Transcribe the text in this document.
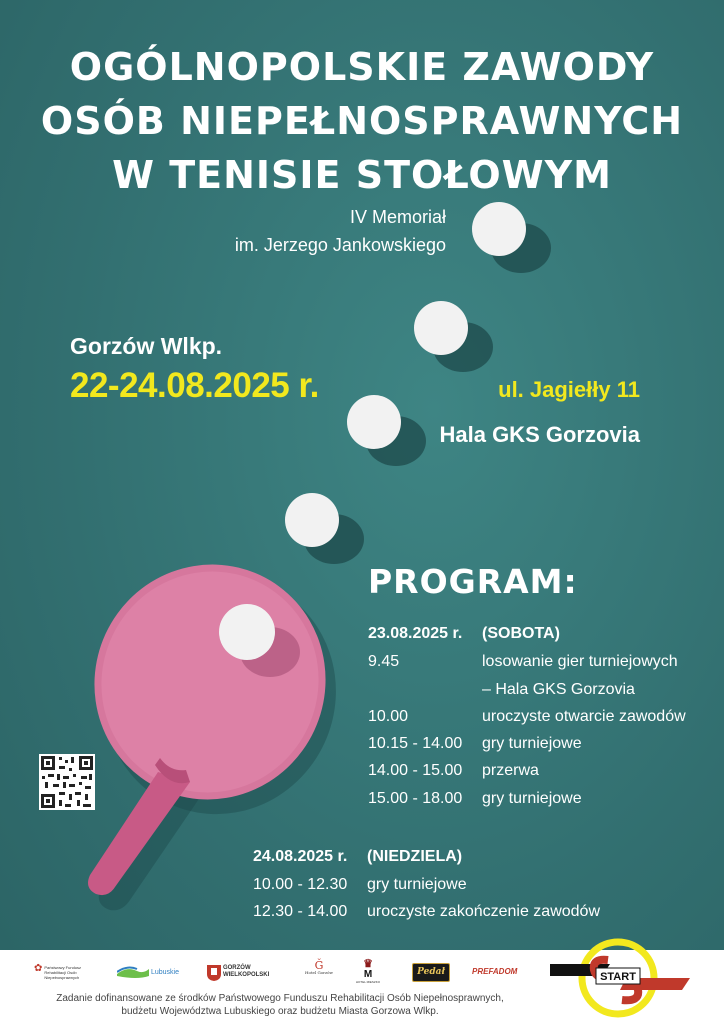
OGÓLNOPOLSKIE ZAWODY
OSÓB NIEPEŁNOSPRAWNYCH
W TENISIE STOŁOWYM
IV Memoriał
im. Jerzego Jankowskiego
Gorzów Wlkp.
22-24.08.2025 r.	ul. Jagiełły 11
Hala GKS Gorzovia
PROGRAM:
23.08.2025 r. (SOBOTA)
9.45	losowanie gier turniejowych
– Hala GKS Gorzovia
10.00	uroczyste otwarcie zawodów
10.15 - 14.00 gry turniejowe
14.00 - 15.00 przerwa
15.00 - 18.00 gry turniejowe
24.08.2025 r. (NIEDZIELA)
10.00 - 12.30 gry turniejowe
12.30 - 14.00 uroczyste zakończenie zawodów
✿ Państwowy Fundusz Rehabilitacji Osób Niepełnosprawnych
Lubuskie
GORZÓW
WIELKOPOLSKI
Ǧ
Hotel Gorzów
♛
M
HOTEL MIESZKO
Pedał	PREFADOM	START
Zadanie dofinansowane ze środków Państwowego Funduszu Rehabilitacji Osób Niepełnosprawnych,
budżetu Województwa Lubuskiego oraz budżetu Miasta Gorzowa Wlkp.
